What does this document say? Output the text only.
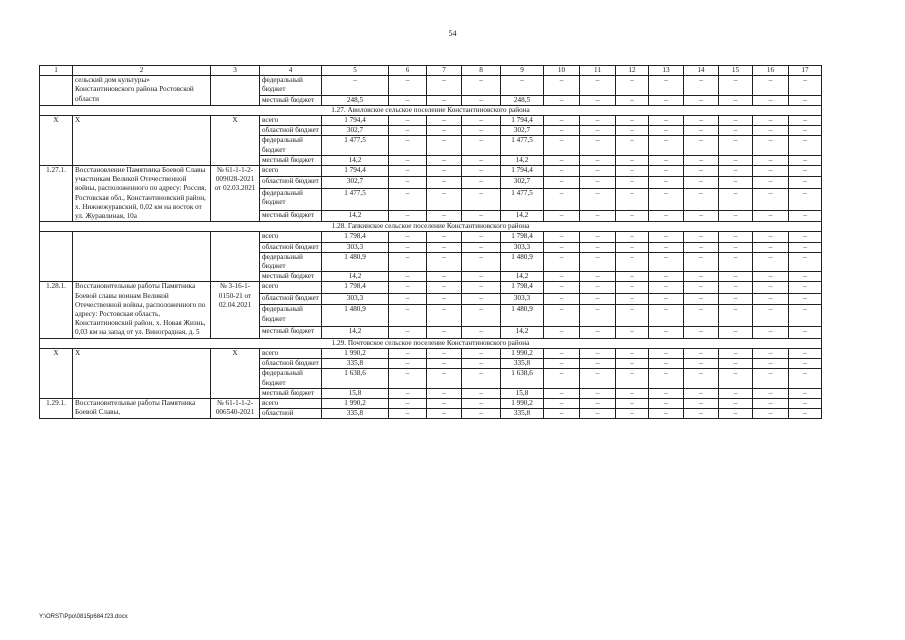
54
1	2	3	4	5	6	7	8	9	10	11	12	13	14	15	16	17
	сельский дом культуры» Константиновского района Ростовской области		федеральный бюджет	–	–	–	–	–	–	–	–	–	–	–	–	–
			местный бюджет	248,5	–	–	–	248,5	–	–	–	–	–	–	–	–
1.27. Авиловское сельское поселение Константиновского района																
Х	Х	Х	всего	1 794,4	–	–	–	1 794,4	–	–	–	–	–	–	–	–
			областной бюджет	302,7	–	–	–	302,7	–	–	–	–	–	–	–	–
			федеральный бюджет	1 477,5	–	–	–	1 477,5	–	–	–	–	–	–	–	–
			местный бюджет	14,2	–	–	–	14,2	–	–	–	–	–	–	–	–
1.27.1.	Восстановление Памятника Боевой Славы участникам Великой Отечественной войны, расположенного по адресу: Россия, Ростовская обл., Константиновский район, х. Нижнежуравский, 0,02 км на восток от ул. Журавлиная, 10а	№ 61-1-1-2-009028-2021 от 02.03.2021	всего	1 794,4	–	–	–	1 794,4	–	–	–	–	–	–	–	–
			областной бюджет	302,7	–	–	–	302,7	–	–	–	–	–	–	–	–
			федеральный бюджет	1 477,5	–	–	–	1 477,5	–	–	–	–	–	–	–	–
			местный бюджет	14,2	–	–	–	14,2	–	–	–	–	–	–	–	–
1.28. Гапкинское сельское поселение Константиновского района																
			всего	1 798,4	–	–	–	1 798,4	–	–	–	–	–	–	–	–
			областной бюджет	303,3	–	–	–	303,3	–	–	–	–	–	–	–	–
			федеральный бюджет	1 480,9	–	–	–	1 480,9	–	–	–	–	–	–	–	–
			местный бюджет	14,2	–	–	–	14,2	–	–	–	–	–	–	–	–
1.28.1.	Восстановительные работы Памятника Боевой славы воинам Великой Отечественной войны, расположенного по адресу: Ростовская область, Константиновский район, х. Новая Жизнь, 0,03 км на запад от ул. Виноградная, д. 5	№ 3-16-1-0150-21 от 02.04.2021	всего	1 798,4	–	–	–	1 798,4	–	–	–	–	–	–	–	–
			областной бюджет	303,3	–	–	–	303,3	–	–	–	–	–	–	–	–
			федеральный бюджет	1 480,9	–	–	–	1 480,9	–	–	–	–	–	–	–	–
			местный бюджет	14,2	–	–	–	14,2	–	–	–	–	–	–	–	–
1.29. Почтовское сельское поселение Константиновского района																
Х	Х	Х	всего	1 990,2	–	–	–	1 990,2	–	–	–	–	–	–	–	–
			областной бюджет	335,8	–	–	–	335,8	–	–	–	–	–	–	–	–
			федеральный бюджет	1 638,6	–	–	–	1 638,6	–	–	–	–	–	–	–	–
			местный бюджет	15,8	–	–	–	15,8	–	–	–	–	–	–	–	–
1.29.1.	Восстановительные работы Памятника Боевой Славы,	№ 61-1-1-2-006540-2021	всего	1 990,2	–	–	–	1 990,2	–	–	–	–	–	–	–	–
			областной	335,8	–	–	–	335,8	–	–	–	–	–	–	–	–
Y:\ORST\Ppo\0815p684.f23.docx
